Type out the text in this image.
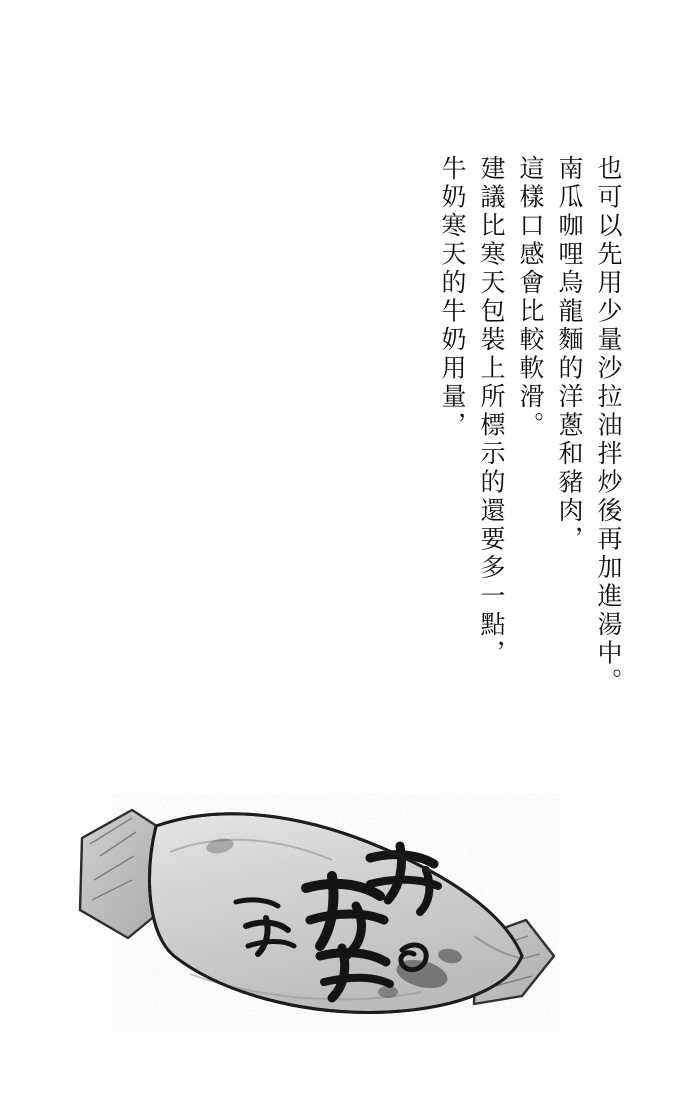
牛奶寒天的牛奶用量， 建議比寒天包裝上所標示的還要多一點， 這樣口感會比較軟滑。 南瓜咖哩烏龍麵的洋蔥和豬肉， 也可以先用少量沙拉油拌炒後再加進湯中。
